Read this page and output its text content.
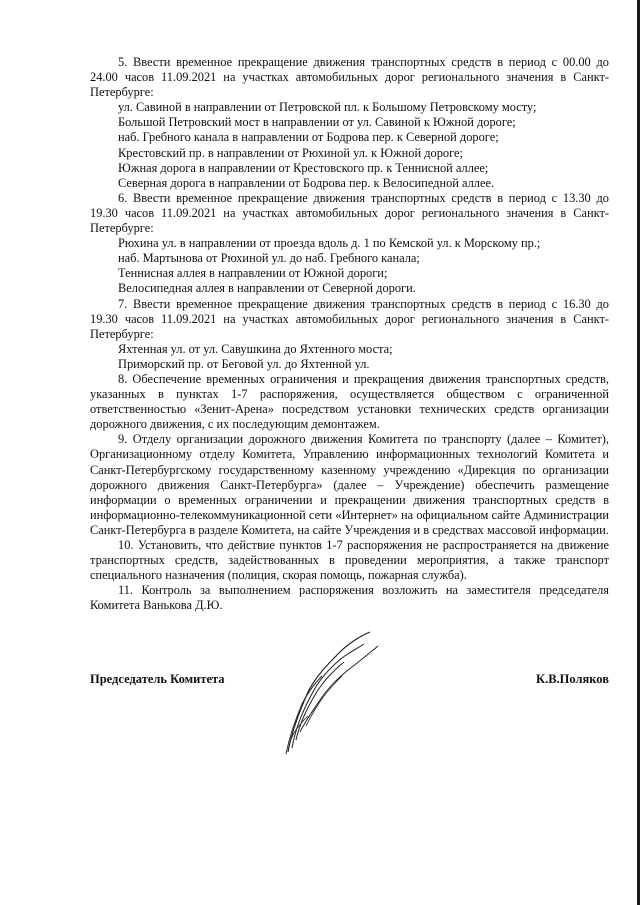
5. Ввести временное прекращение движения транспортных средств в период с 00.00 до 24.00 часов 11.09.2021 на участках автомобильных дорог регионального значения в Санкт-Петербурге:

ул. Савиной в направлении от Петровской пл. к Большому Петровскому мосту;

Большой Петровский мост в направлении от ул. Савиной к Южной дороге;

наб. Гребного канала в направлении от Бодрова пер. к Северной дороге;

Крестовский пр. в направлении от Рюхиной ул. к Южной дороге;

Южная дорога в направлении от Крестовского пр. к Теннисной аллее;

Северная дорога в направлении от Бодрова пер. к Велосипедной аллее.

6. Ввести временное прекращение движения транспортных средств в период с 13.30 до 19.30 часов 11.09.2021 на участках автомобильных дорог регионального значения в Санкт-Петербурге:

Рюхина ул. в направлении от проезда вдоль д. 1 по Кемской ул. к Морскому пр.;

наб. Мартынова от Рюхиной ул. до наб. Гребного канала;

Теннисная аллея в направлении от Южной дороги;

Велосипедная аллея в направлении от Северной дороги.

7. Ввести временное прекращение движения транспортных средств в период с 16.30 до 19.30 часов 11.09.2021 на участках автомобильных дорог регионального значения в Санкт-Петербурге:

Яхтенная ул. от ул. Савушкина до Яхтенного моста;

Приморский пр. от Беговой ул. до Яхтенной ул.

8. Обеспечение временных ограничения и прекращения движения транспортных средств, указанных в пунктах 1-7 распоряжения, осуществляется обществом с ограниченной ответственностью «Зенит-Арена» посредством установки технических средств организации дорожного движения, с их последующим демонтажем.

9. Отделу организации дорожного движения Комитета по транспорту (далее – Комитет), Организационному отделу Комитета, Управлению информационных технологий Комитета и Санкт-Петербургскому государственному казенному учреждению «Дирекция по организации дорожного движения Санкт-Петербурга» (далее – Учреждение) обеспечить размещение информации о временных ограничении и прекращении движения транспортных средств в информационно-телекоммуникационной сети «Интернет» на официальном сайте Администрации Санкт-Петербурга в разделе Комитета, на сайте Учреждения и в средствах массовой информации.

10. Установить, что действие пунктов 1-7 распоряжения не распространяется на движение транспортных средств, задействованных в проведении мероприятия, а также транспорт специального назначения (полиция, скорая помощь, пожарная служба).

11. Контроль за выполнением распоряжения возложить на заместителя председателя Комитета Ванькова Д.Ю.

Председатель Комитета	К.В.Поляков
